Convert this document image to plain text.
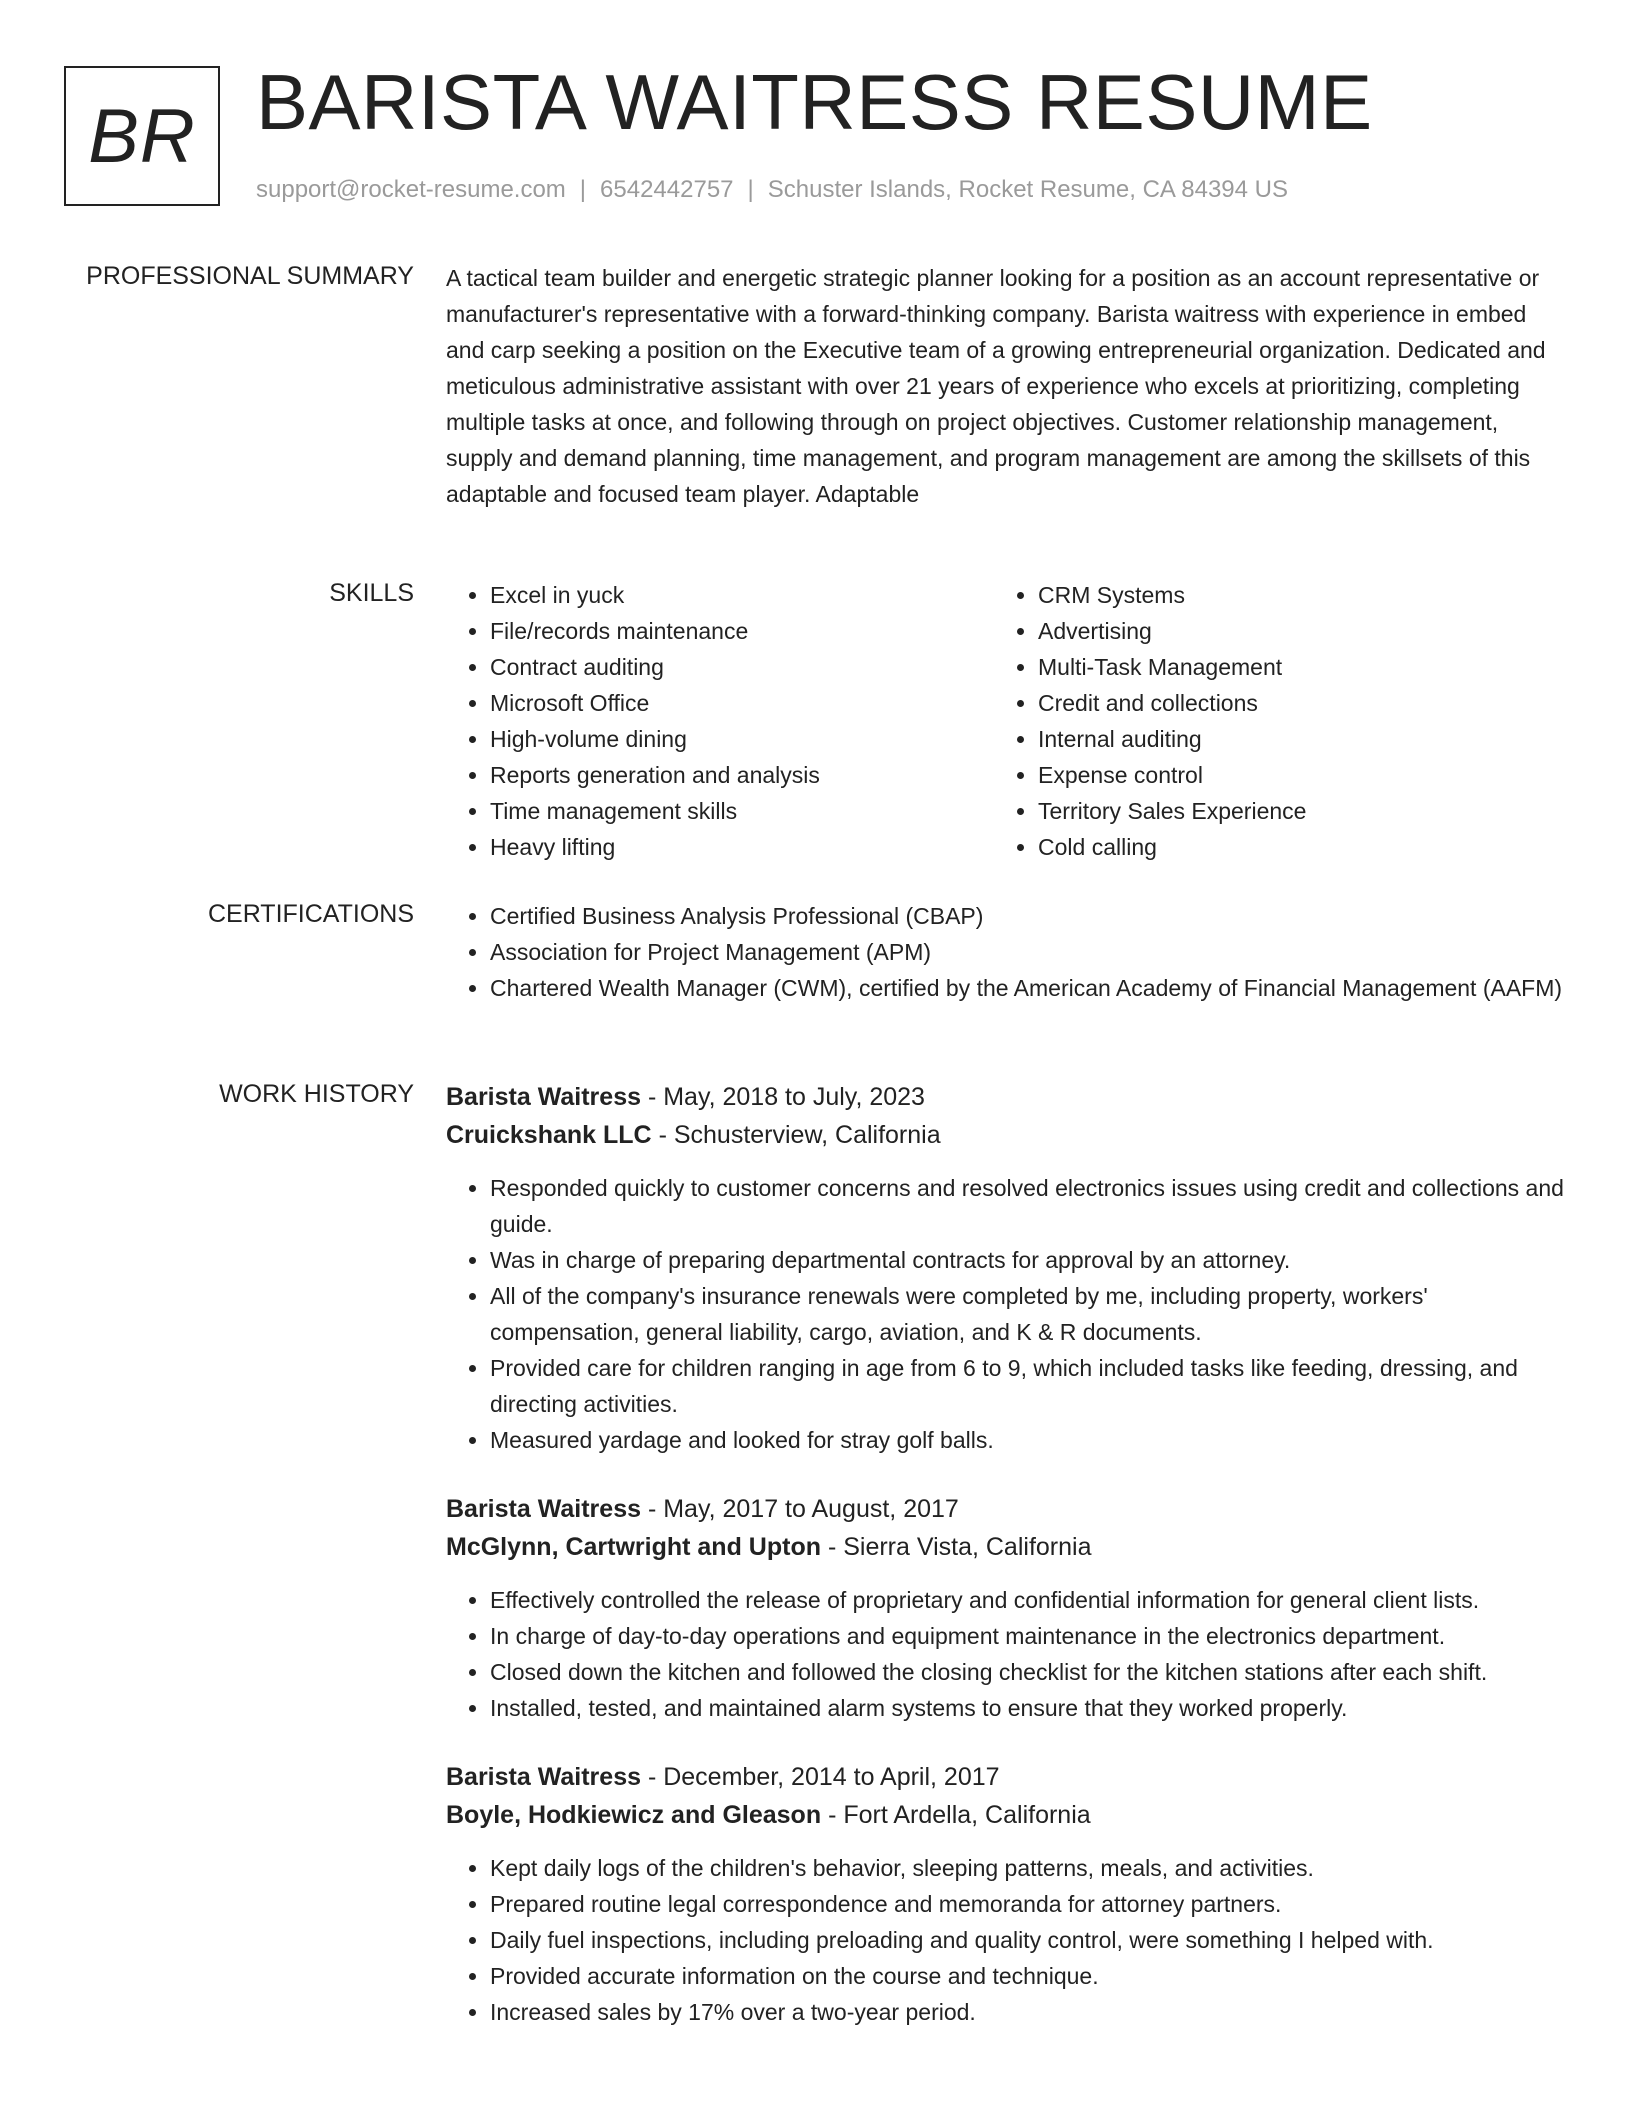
BR BARISTA WAITRESS RESUME
support@rocket-resume.com | 6542442757 | Schuster Islands, Rocket Resume, CA 84394 US
PROFESSIONAL SUMMARY A tactical team builder and energetic strategic planner looking for a position as an account representative or manufacturer's representative with a forward-thinking company. Barista waitress with experience in embed and carp seeking a position on the Executive team of a growing entrepreneurial organization. Dedicated and meticulous administrative assistant with over 21 years of experience who excels at prioritizing, completing multiple tasks at once, and following through on project objectives. Customer relationship management, supply and demand planning, time management, and program management are among the skillsets of this adaptable and focused team player. Adaptable

SKILLS	• Excel in yuck
• File/records maintenance
• Contract auditing
• Microsoft Office
• High-volume dining
• Reports generation and analysis
• Time management skills
• Heavy lifting
• CRM Systems
• Advertising
• Multi-Task Management
• Credit and collections
• Internal auditing
• Expense control
• Territory Sales Experience
• Cold calling
CERTIFICATIONS	• Certified Business Analysis Professional (CBAP)
• Association for Project Management (APM)
• Chartered Wealth Manager (CWM), certified by the American Academy of Financial Management (AAFM)
WORK HISTORY Barista Waitress - May, 2018 to July, 2023
Cruickshank LLC - Schusterview, California
• Responded quickly to customer concerns and resolved electronics issues using credit and collections and guide.
• Was in charge of preparing departmental contracts for approval by an attorney.
• All of the company's insurance renewals were completed by me, including property, workers' compensation, general liability, cargo, aviation, and K & R documents.
• Provided care for children ranging in age from 6 to 9, which included tasks like feeding, dressing, and directing activities.
• Measured yardage and looked for stray golf balls.
Barista Waitress - May, 2017 to August, 2017
McGlynn, Cartwright and Upton - Sierra Vista, California
• Effectively controlled the release of proprietary and confidential information for general client lists.
• In charge of day-to-day operations and equipment maintenance in the electronics department.
• Closed down the kitchen and followed the closing checklist for the kitchen stations after each shift.
• Installed, tested, and maintained alarm systems to ensure that they worked properly.
Barista Waitress - December, 2014 to April, 2017
Boyle, Hodkiewicz and Gleason - Fort Ardella, California
• Kept daily logs of the children's behavior, sleeping patterns, meals, and activities.
• Prepared routine legal correspondence and memoranda for attorney partners.
• Daily fuel inspections, including preloading and quality control, were something I helped with.
• Provided accurate information on the course and technique.
• Increased sales by 17% over a two-year period.
